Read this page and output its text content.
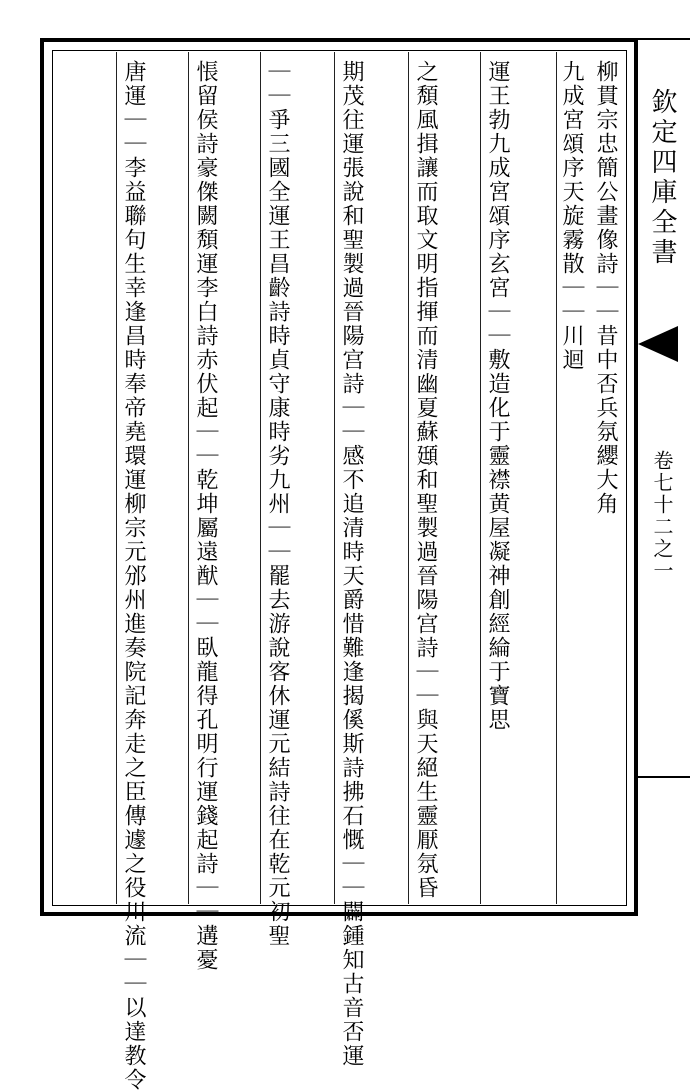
柳貫宗忠簡公畫像詩｜｜昔中否兵氛纓大角
九成宮頌序天旋霧散｜｜川迴
運王勃九成宮頌序玄宮｜｜敷造化于靈襟黄屋凝神創經綸于寶思
之頽風揖讓而取文明指揮而清幽夏蘇頲和聖製過晉陽宫詩｜｜與天絕生靈厭氛昏
期茂往運張說和聖製過晉陽宫詩｜｜感不追清時天爵惜難逢揭傒斯詩拂石慨｜｜闢鍾知古音否運
｜｜爭三國全運王昌齡詩時貞守康時劣九州｜｜罷去游說客休運元結詩往在乾元初聖
悵留侯詩豪傑闕頽運李白詩赤伏起｜｜乾坤屬遠猷｜｜臥龍得孔明行運錢起詩｜｜遘憂
唐運｜｜李益聯句生幸逢昌時奉帝堯環運柳宗元邠州進奏院記奔走之臣傳遽之役川流｜｜以達教令	欽定四庫全書
卷七十二之一
